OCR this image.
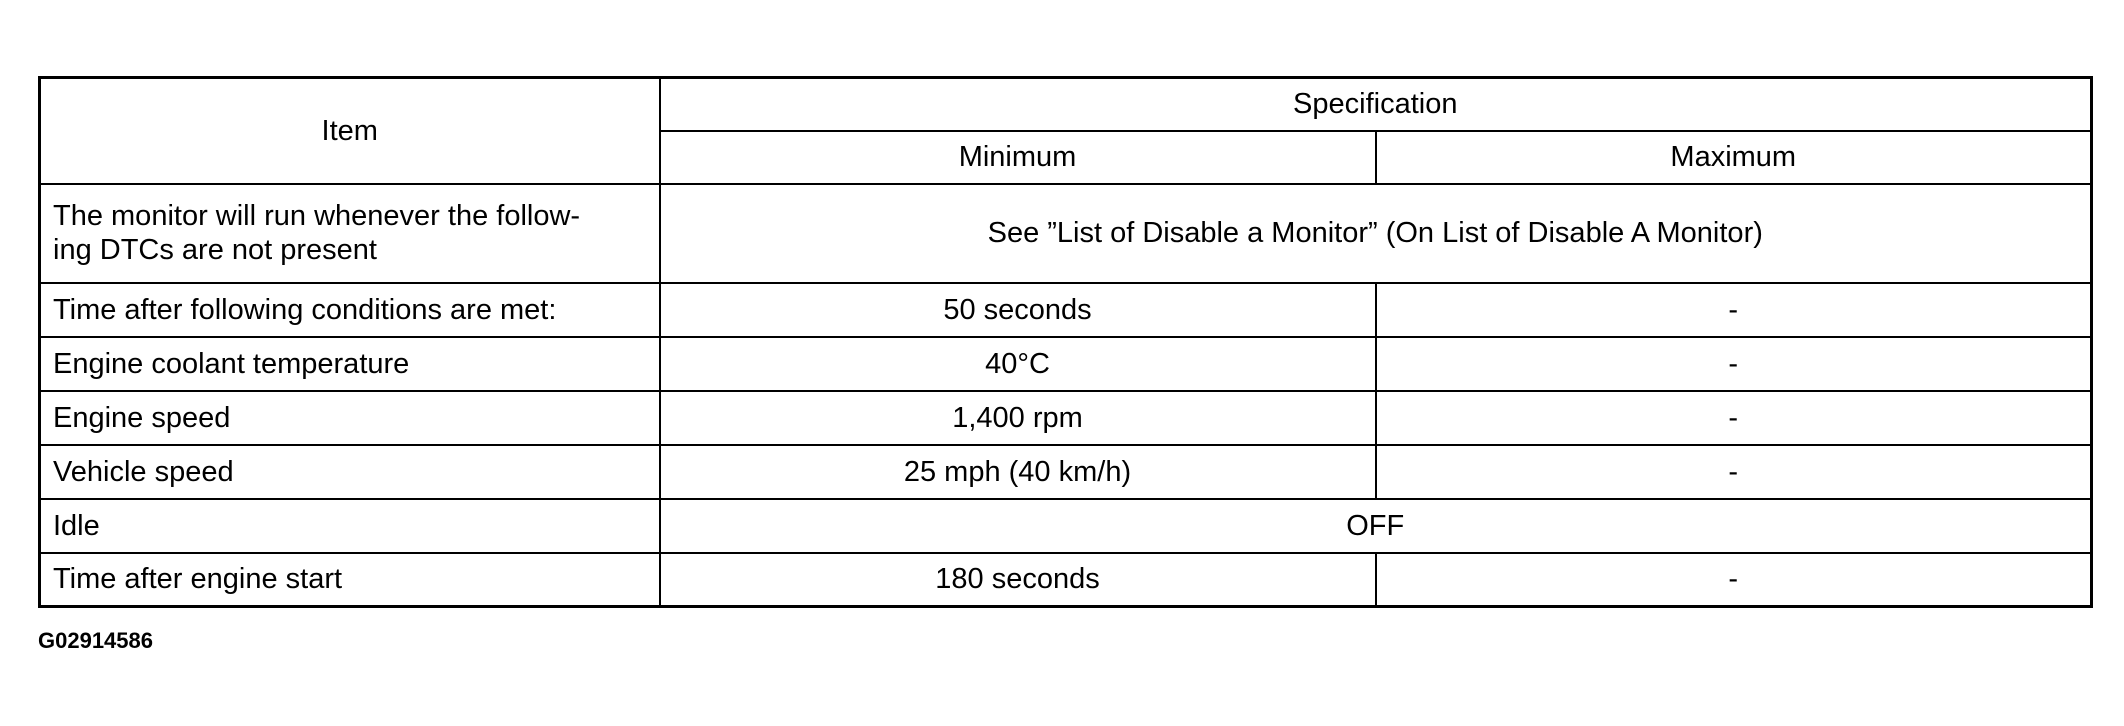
Item	Specification	
	Minimum	Maximum
The monitor will run whenever the follow-
ing DTCs are not present	See ”List of Disable a Monitor” (On List of Disable A Monitor)	
Time after following conditions are met:	50 seconds	-
Engine coolant temperature	40°C	-
Engine speed	1,400 rpm	-
Vehicle speed	25 mph (40 km/h)	-
Idle	OFF	
Time after engine start	180 seconds	-
G02914586
